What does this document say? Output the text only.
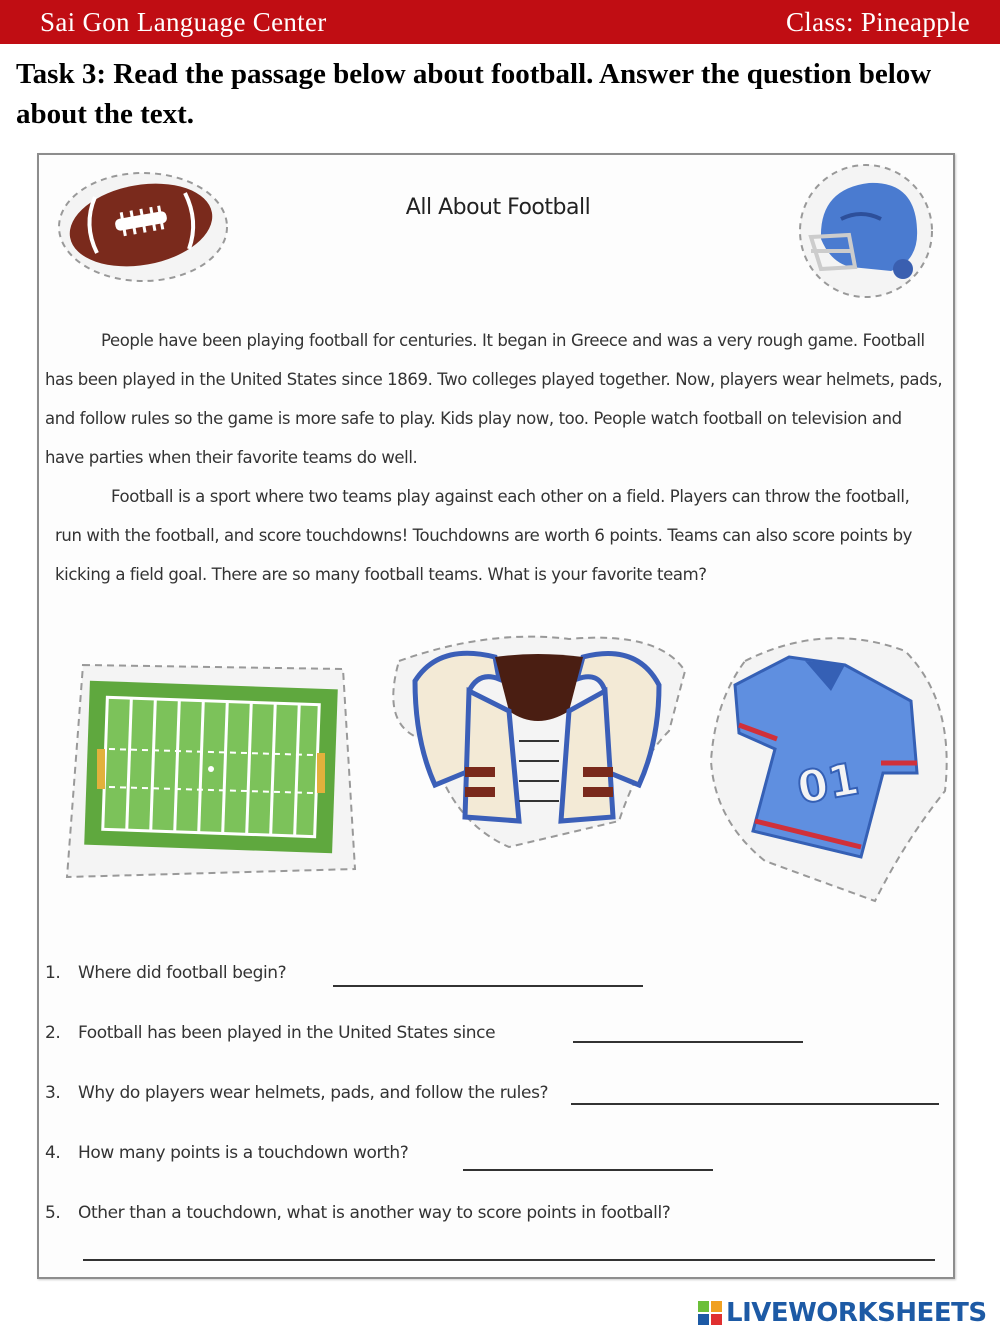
Sai Gon Language Center	Class: Pineapple
Task 3: Read the passage below about football. Answer the question below about the text.
All About Football
People have been playing football for centuries. It began in Greece and was a very rough game. Football has been played in the United States since 1869. Two colleges played together. Now, players wear helmets, pads, and follow rules so the game is more safe to play. Kids play now, too. People watch football on television and have parties when their favorite teams do well.
Football is a sport where two teams play against each other on a field. Players can throw the football, run with the football, and score touchdowns! Touchdowns are worth 6 points. Teams can also score points by kicking a field goal. There are so many football teams. What is your favorite team?
01
1. Where did football begin?
2. Football has been played in the United States since
3. Why do players wear helmets, pads, and follow the rules?
4. How many points is a touchdown worth?
5. Other than a touchdown, what is another way to score points in football?
LIVEWORKSHEETS
